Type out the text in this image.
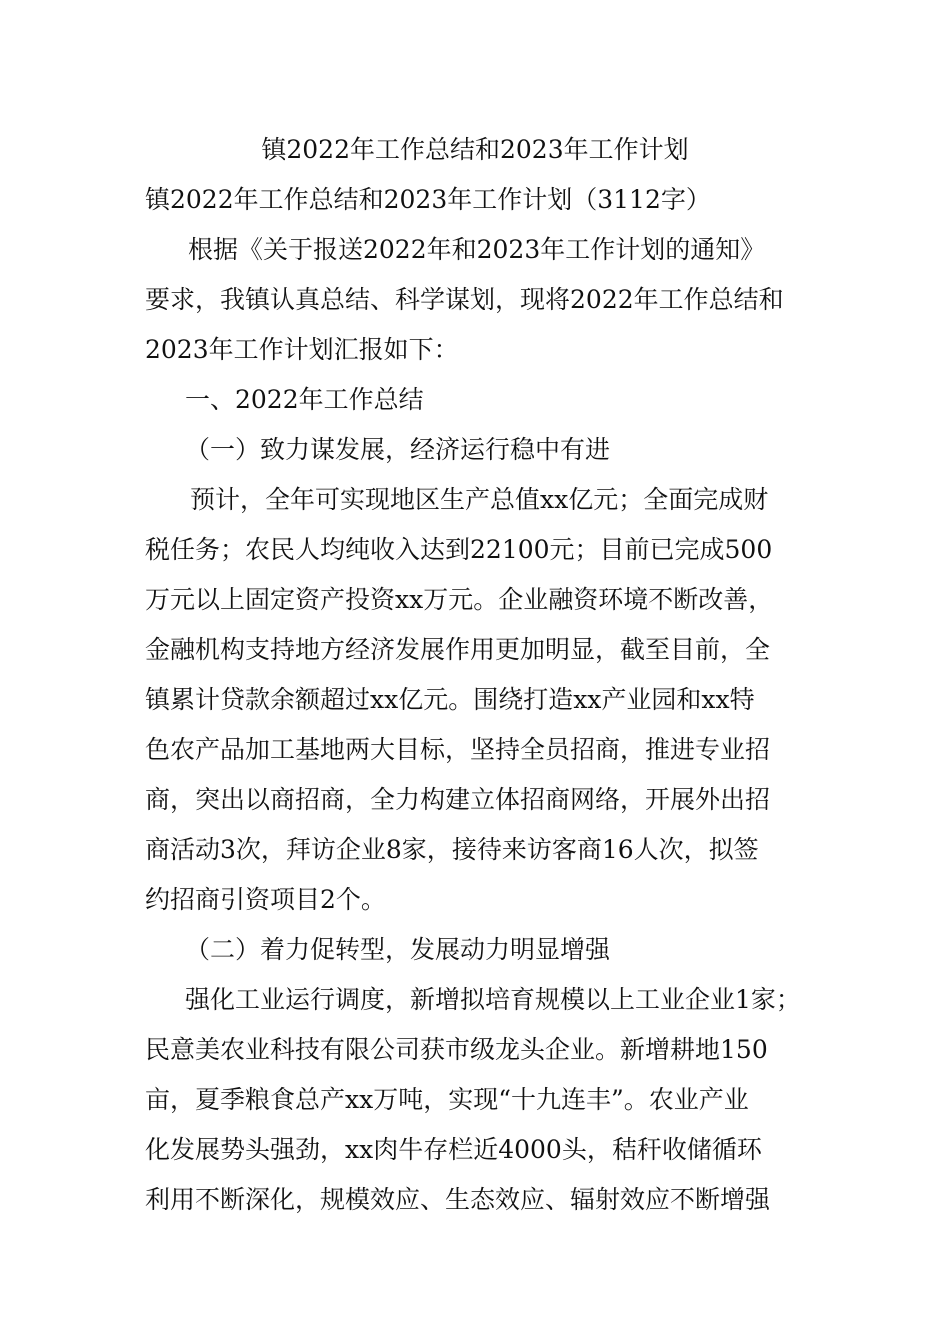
镇2022年工作总结和2023年工作计划
镇2022年工作总结和2023年工作计划（3112字）
根据《关于报送2022年和2023年工作计划的通知》
要求，我镇认真总结、科学谋划，现将2022年工作总结和
2023年工作计划汇报如下：
一、2022年工作总结
（一）致力谋发展，经济运行稳中有进
预计，全年可实现地区生产总值xx亿元；全面完成财
税任务；农民人均纯收入达到22100元；目前已完成500
万元以上固定资产投资xx万元。企业融资环境不断改善，
金融机构支持地方经济发展作用更加明显，截至目前，全
镇累计贷款余额超过xx亿元。围绕打造xx产业园和xx特
色农产品加工基地两大目标，坚持全员招商，推进专业招
商，突出以商招商，全力构建立体招商网络，开展外出招
商活动3次，拜访企业8家，接待来访客商16人次，拟签
约招商引资项目2个。
（二）着力促转型，发展动力明显增强
强化工业运行调度，新增拟培育规模以上工业企业1家；
民意美农业科技有限公司获市级龙头企业。新增耕地150
亩，夏季粮食总产xx万吨，实现“十九连丰”。农业产业
化发展势头强劲，xx肉牛存栏近4000头，秸秆收储循环
利用不断深化，规模效应、生态效应、辐射效应不断增强
